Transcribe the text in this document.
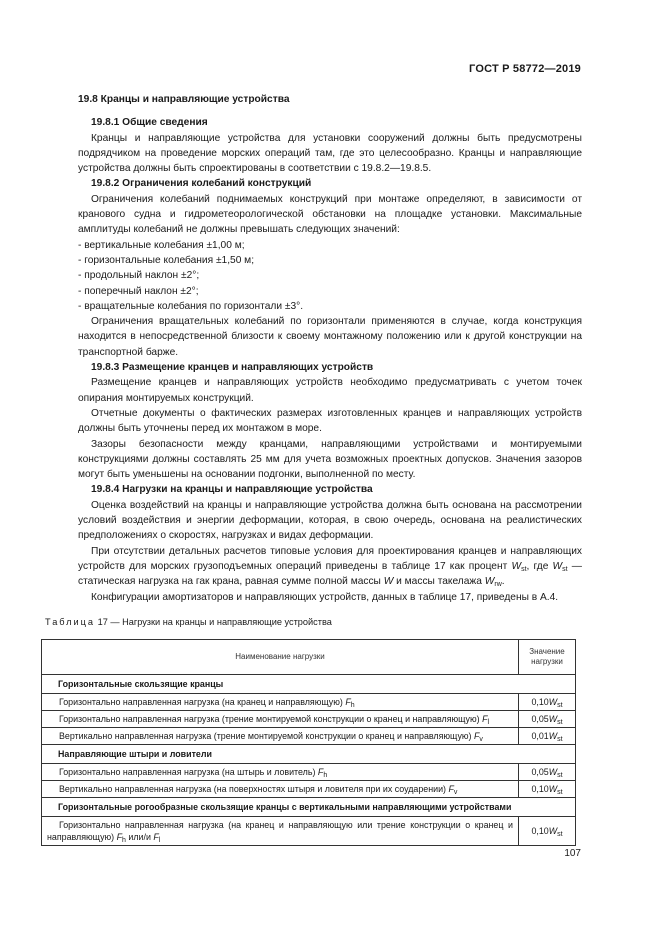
ГОСТ Р 58772—2019

19.8 Кранцы и направляющие устройства

19.8.1 Общие сведения

Кранцы и направляющие устройства для установки сооружений должны быть предусмотрены подрядчиком на проведение морских операций там, где это целесообразно. Кранцы и направляющие устройства должны быть спроектированы в соответствии с 19.8.2—19.8.5.

19.8.2 Ограничения колебаний конструкций

Ограничения колебаний поднимаемых конструкций при монтаже определяют, в зависимости от кранового судна и гидрометеорологической обстановки на площадке установки. Максимальные амплитуды колебаний не должны превышать следующих значений:

- вертикальные колебания ±1,00 м;

- горизонтальные колебания ±1,50 м;

- продольный наклон ±2°;

- поперечный наклон ±2°;

- вращательные колебания по горизонтали ±3°.

Ограничения вращательных колебаний по горизонтали применяются в случае, когда конструкция находится в непосредственной близости к своему монтажному положению или к другой конструкции на транспортной барже.

19.8.3 Размещение кранцев и направляющих устройств

Размещение кранцев и направляющих устройств необходимо предусматривать с учетом точек опирания монтируемых конструкций.

Отчетные документы о фактических размерах изготовленных кранцев и направляющих устройств должны быть уточнены перед их монтажом в море.

Зазоры безопасности между кранцами, направляющими устройствами и монтируемыми конструкциями должны составлять 25 мм для учета возможных проектных допусков. Значения зазоров могут быть уменьшены на основании подгонки, выполненной по месту.

19.8.4 Нагрузки на кранцы и направляющие устройства

Оценка воздействий на кранцы и направляющие устройства должна быть основана на рассмотрении условий воздействия и энергии деформации, которая, в свою очередь, основана на реалистических предположениях о скоростях, нагрузках и видах деформации.

При отсутствии детальных расчетов типовые условия для проектирования кранцев и направляющих устройств для морских грузоподъемных операций приведены в таблице 17 как процент $W_{st}$, где $W_{st}$ — статическая нагрузка на гак крана, равная сумме полной массы W и массы такелажа $W_{rw}$.

Конфигурации амортизаторов и направляющих устройств, данных в таблице 17, приведены в А.4.

Таблица 17 — Нагрузки на кранцы и направляющие устройства

Наименование нагрузки	Значение нагрузки
Горизонтальные скользящие кранцы	
Горизонтально направленная нагрузка (на кранец и направляющую) $F_h$	$0,10W_{st}$
Горизонтально направленная нагрузка (трение монтируемой конструкции о кранец и направляющую) $F_l$	$0,05W_{st}$
Вертикально направленная нагрузка (трение монтируемой конструкции о кранец и направляющую) $F_v$	$0,01W_{st}$
Направляющие штыри и ловители	
Горизонтально направленная нагрузка (на штырь и ловитель) $F_h$	$0,05W_{st}$
Вертикально направленная нагрузка (на поверхностях штыря и ловителя при их соударении) $F_v$	$0,10W_{st}$
Горизонтальные рогообразные скользящие кранцы с вертикальными направляющими устройствами	
Горизонтально направленная нагрузка (на кранец и направляющую или трение конструкции о кранец и направляющую) $F_h$ или/и $F_l$	$0,10W_{st}$
107
